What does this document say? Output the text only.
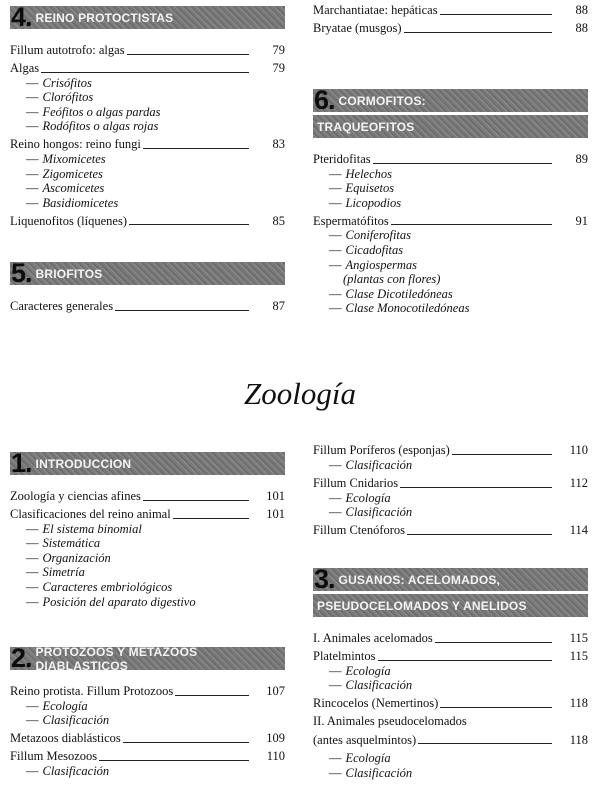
4. REINO PROTOCTISTAS
Fillum autotrofo: algas	79
Algas	79
— Crisófitos
— Clorófitos
— Feófitos o algas pardas
— Rodófitos o algas rojas
Reino hongos: reino fungi	83
— Mixomicetes
— Zigomicetes
— Ascomicetes
— Basidiomicetes
Liquenofitos (líquenes)	85
5. BRIOFITOS
Caracteres generales	87
Marchantiatae: hepáticas	88
Bryatae (musgos)	88
6. CORMOFITOS:
TRAQUEOFITOS
Pteridofitas	89
— Helechos
— Equisetos
— Licopodios
Espermatófitos	91
— Coniferofitas
— Cicadofitas
— Angiospermas
(plantas con flores)
— Clase Dicotiledóneas
— Clase Monocotiledóneas
1. INTRODUCCION
Zoología y ciencias afines	101
Clasificaciones del reino animal	101
— El sistema binomial
— Sistemática
— Organización
— Simetría
— Caracteres embriológicos
— Posición del aparato digestivo
2. PROTOZOOS Y METAZOOS DIABLASTICOS
Reino protista. Fillum Protozoos	107
— Ecología
— Clasificación
Metazoos diablásticos	109
Fillum Mesozoos	110
— Clasificación
Fillum Poríferos (esponjas)	110
— Clasificación
Fillum Cnidarios	112
— Ecología
— Clasificación
Fillum Ctenóforos	114
3. GUSANOS: ACELOMADOS,
PSEUDOCELOMADOS Y ANELIDOS
I. Animales acelomados	115
Platelmintos	115
— Ecología
— Clasificación
Rincocelos (Nemertinos)	118
II. Animales pseudocelomados
(antes asquelmintos)	118
— Ecología
— Clasificación
Zoología
